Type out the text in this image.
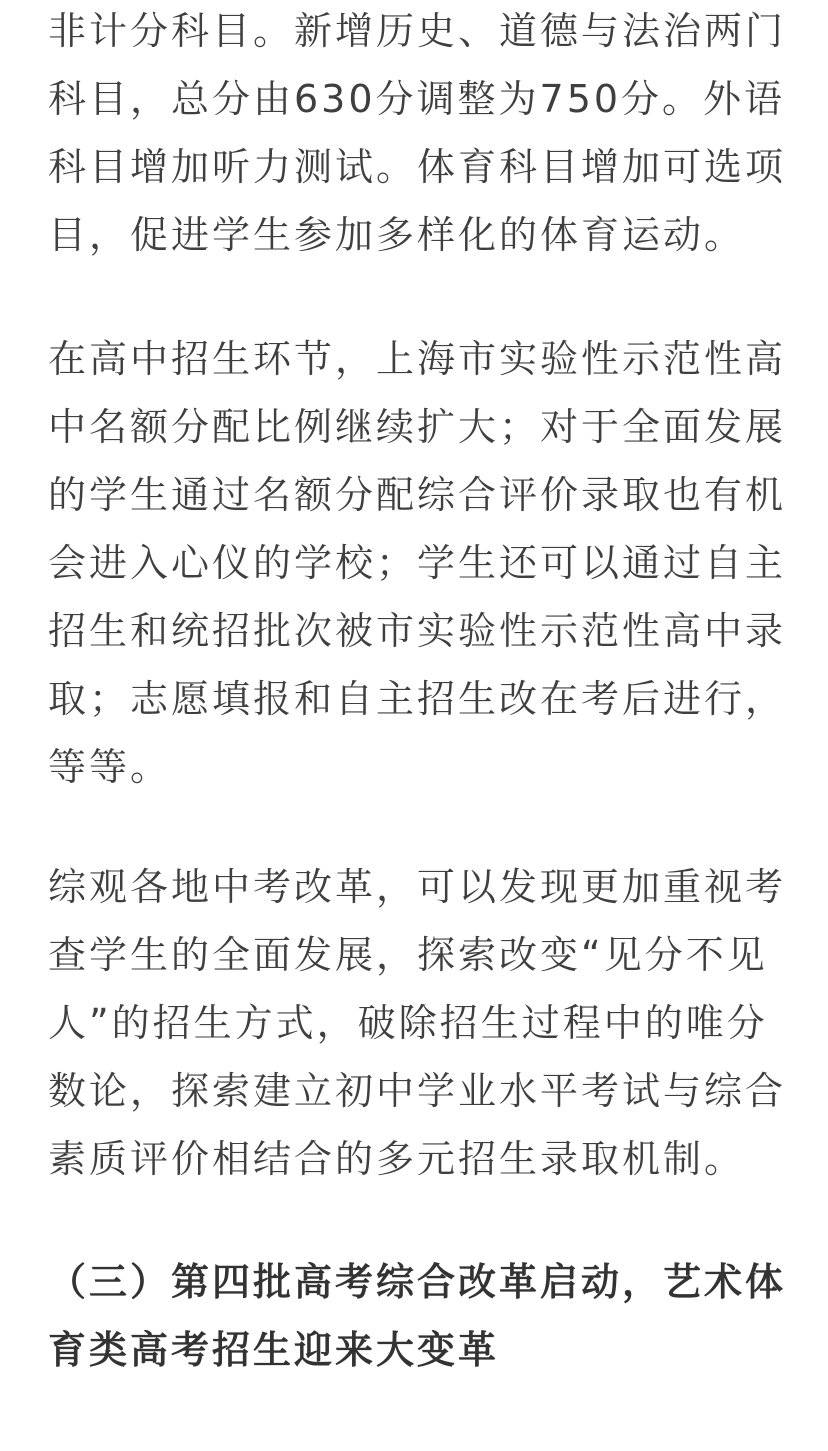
非计分科目。新增历史、道德与法治两门
科目，总分由630分调整为750分。外语
科目增加听力测试。体育科目增加可选项
目，促进学生参加多样化的体育运动。

在高中招生环节，上海市实验性示范性高
中名额分配比例继续扩大；对于全面发展
的学生通过名额分配综合评价录取也有机
会进入心仪的学校；学生还可以通过自主
招生和统招批次被市实验性示范性高中录
取；志愿填报和自主招生改在考后进行，
等等。

综观各地中考改革，可以发现更加重视考
查学生的全面发展，探索改变“见分不见
人”的招生方式，破除招生过程中的唯分
数论，探索建立初中学业水平考试与综合
素质评价相结合的多元招生录取机制。

（三）第四批高考综合改革启动，艺术体
育类高考招生迎来大变革
